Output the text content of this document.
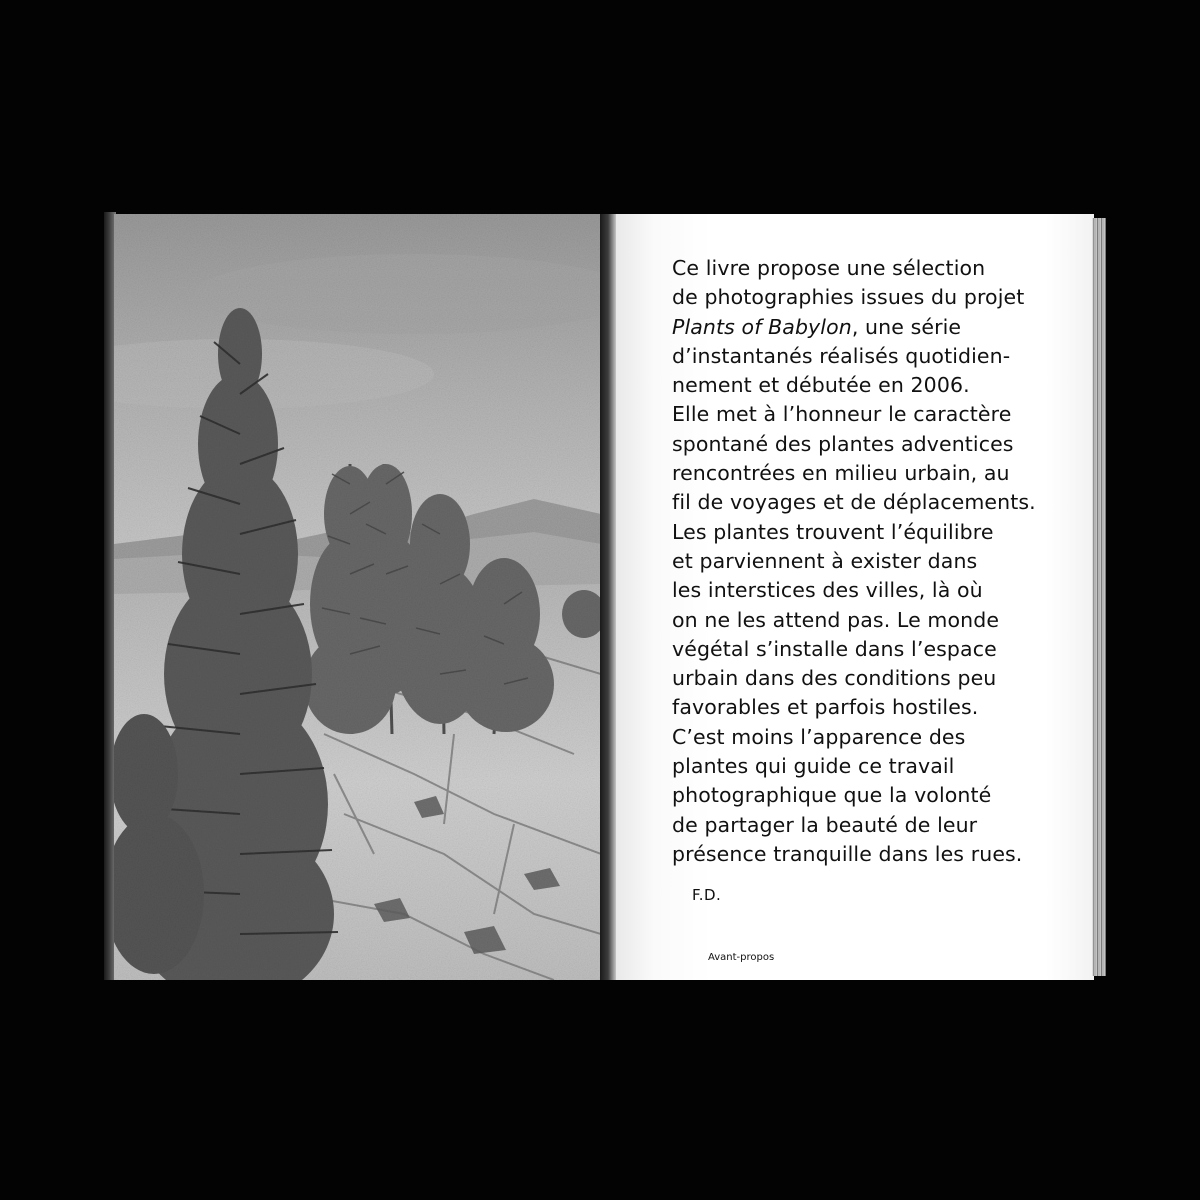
Ce livre propose une sélection
de photographies issues du projet
Plants of Babylon, une série
d’instantanés réalisés quotidien-
nement et débutée en 2006.
Elle met à l’honneur le caractère
spontané des plantes adventices
rencontrées en milieu urbain, au
fil de voyages et de déplacements.
Les plantes trouvent l’équilibre
et parviennent à exister dans
les interstices des villes, là où
on ne les attend pas. Le monde
végétal s’installe dans l’espace
urbain dans des conditions peu
favorables et parfois hostiles.
C’est moins l’apparence des
plantes qui guide ce travail
photographique que la volonté
de partager la beauté de leur
présence tranquille dans les rues.

F.D.

Avant-propos
